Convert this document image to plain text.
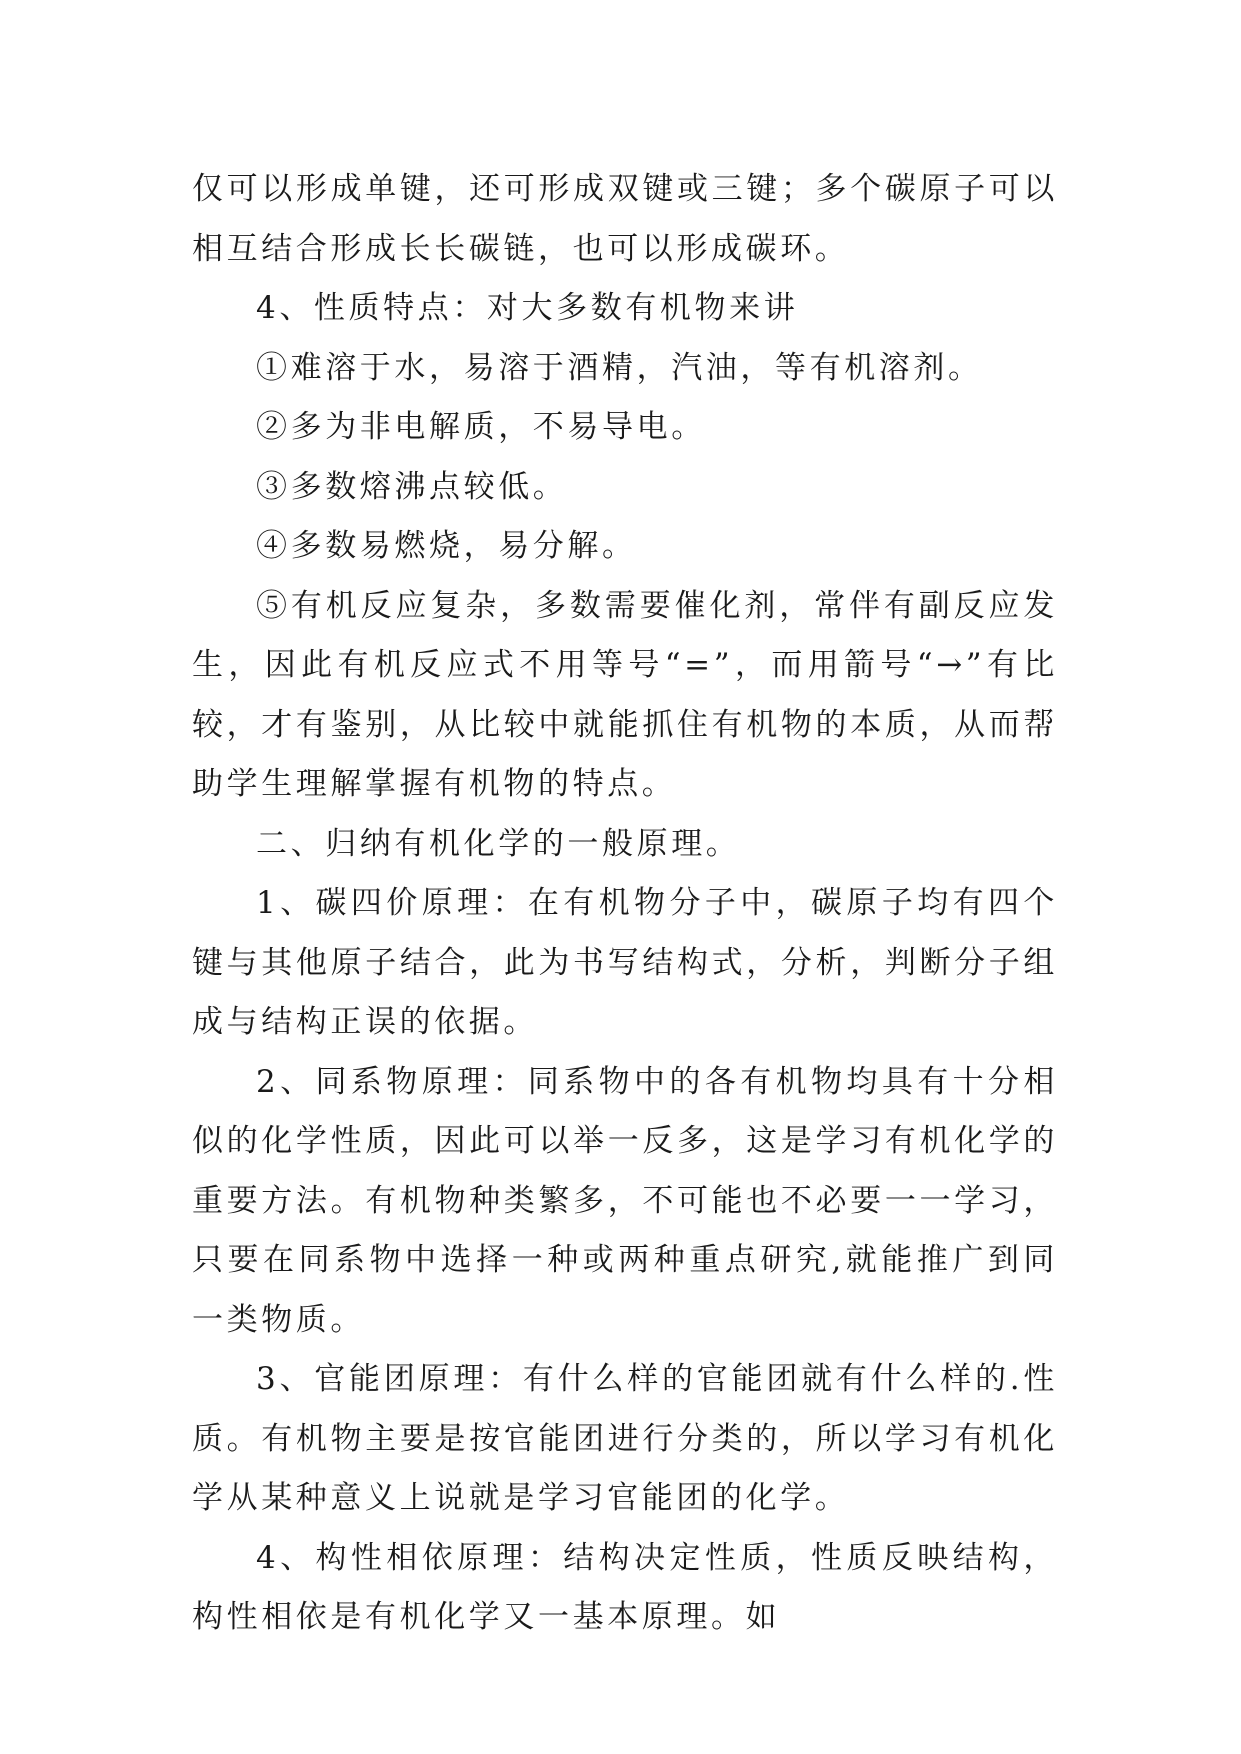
仅可以形成单键，还可形成双键或三键；多个碳原子可以相互结合形成长长碳链，也可以形成碳环。

4、性质特点：对大多数有机物来讲

①难溶于水，易溶于酒精，汽油，等有机溶剂。

②多为非电解质，不易导电。

③多数熔沸点较低。

④多数易燃烧，易分解。

⑤有机反应复杂，多数需要催化剂，常伴有副反应发生，因此有机反应式不用等号“=”，而用箭号“→”有比较，才有鉴别，从比较中就能抓住有机物的本质，从而帮助学生理解掌握有机物的特点。

二、归纳有机化学的一般原理。

1、碳四价原理：在有机物分子中，碳原子均有四个键与其他原子结合，此为书写结构式，分析，判断分子组成与结构正误的依据。

2、同系物原理：同系物中的各有机物均具有十分相似的化学性质，因此可以举一反多，这是学习有机化学的重要方法。有机物种类繁多，不可能也不必要一一学习，只要在同系物中选择一种或两种重点研究,就能推广到同一类物质。

3、官能团原理：有什么样的官能团就有什么样的.性质。有机物主要是按官能团进行分类的，所以学习有机化学从某种意义上说就是学习官能团的化学。

4、构性相依原理：结构决定性质，性质反映结构，构性相依是有机化学又一基本原理。如
